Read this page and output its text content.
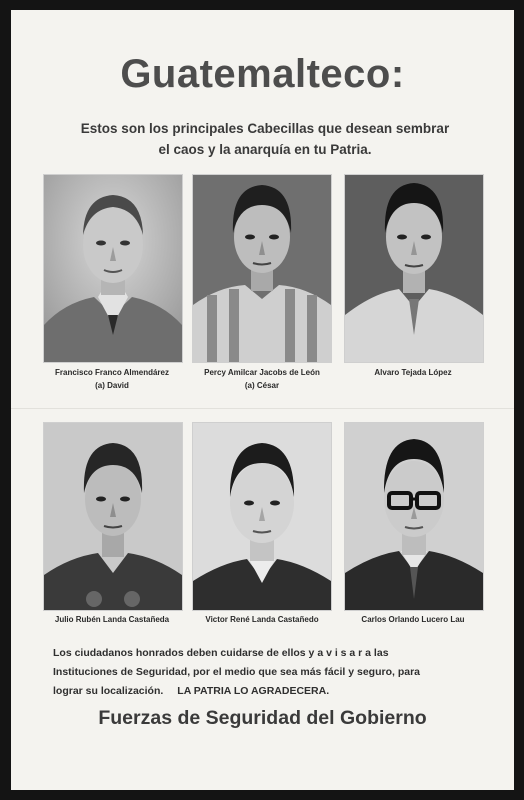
Guatemalteco:
Estos son los principales Cabecillas que desean sembrar
el caos y la anarquía en tu Patria.
Francisco Franco Almendárez
(a) David
Percy Amilcar Jacobs de León
(a) César
Alvaro Tejada López
Julio Rubén Landa Castañeda	Victor René Landa Castañedo	Carlos Orlando Lucero Lau
Los ciudadanos honrados deben cuidarse de ellos y a v i s a r a las
Instituciones de Seguridad, por el medio que sea más fácil y seguro, para
lograr su localización. LA PATRIA LO AGRADECERA.
Fuerzas de Seguridad del Gobierno
